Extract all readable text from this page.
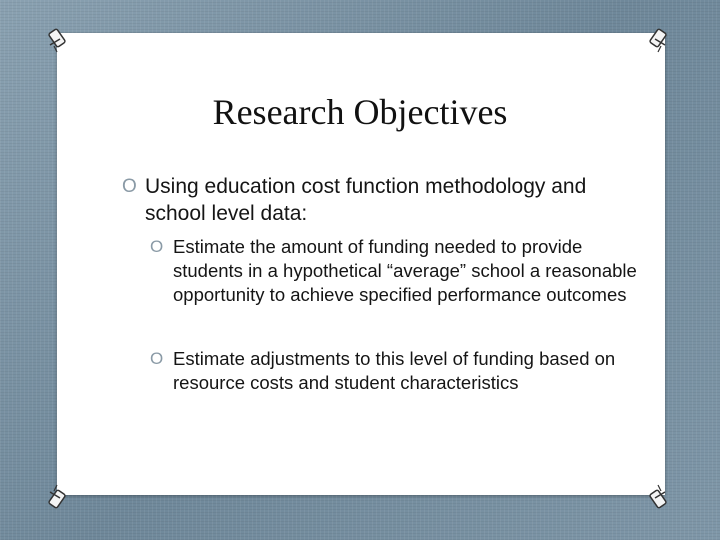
Research Objectives
O Using education cost function methodology and school level data:
O Estimate the amount of funding needed to provide students in a hypothetical “average” school a reasonable opportunity to achieve specified performance outcomes
O Estimate adjustments to this level of funding based on resource costs and student characteristics
